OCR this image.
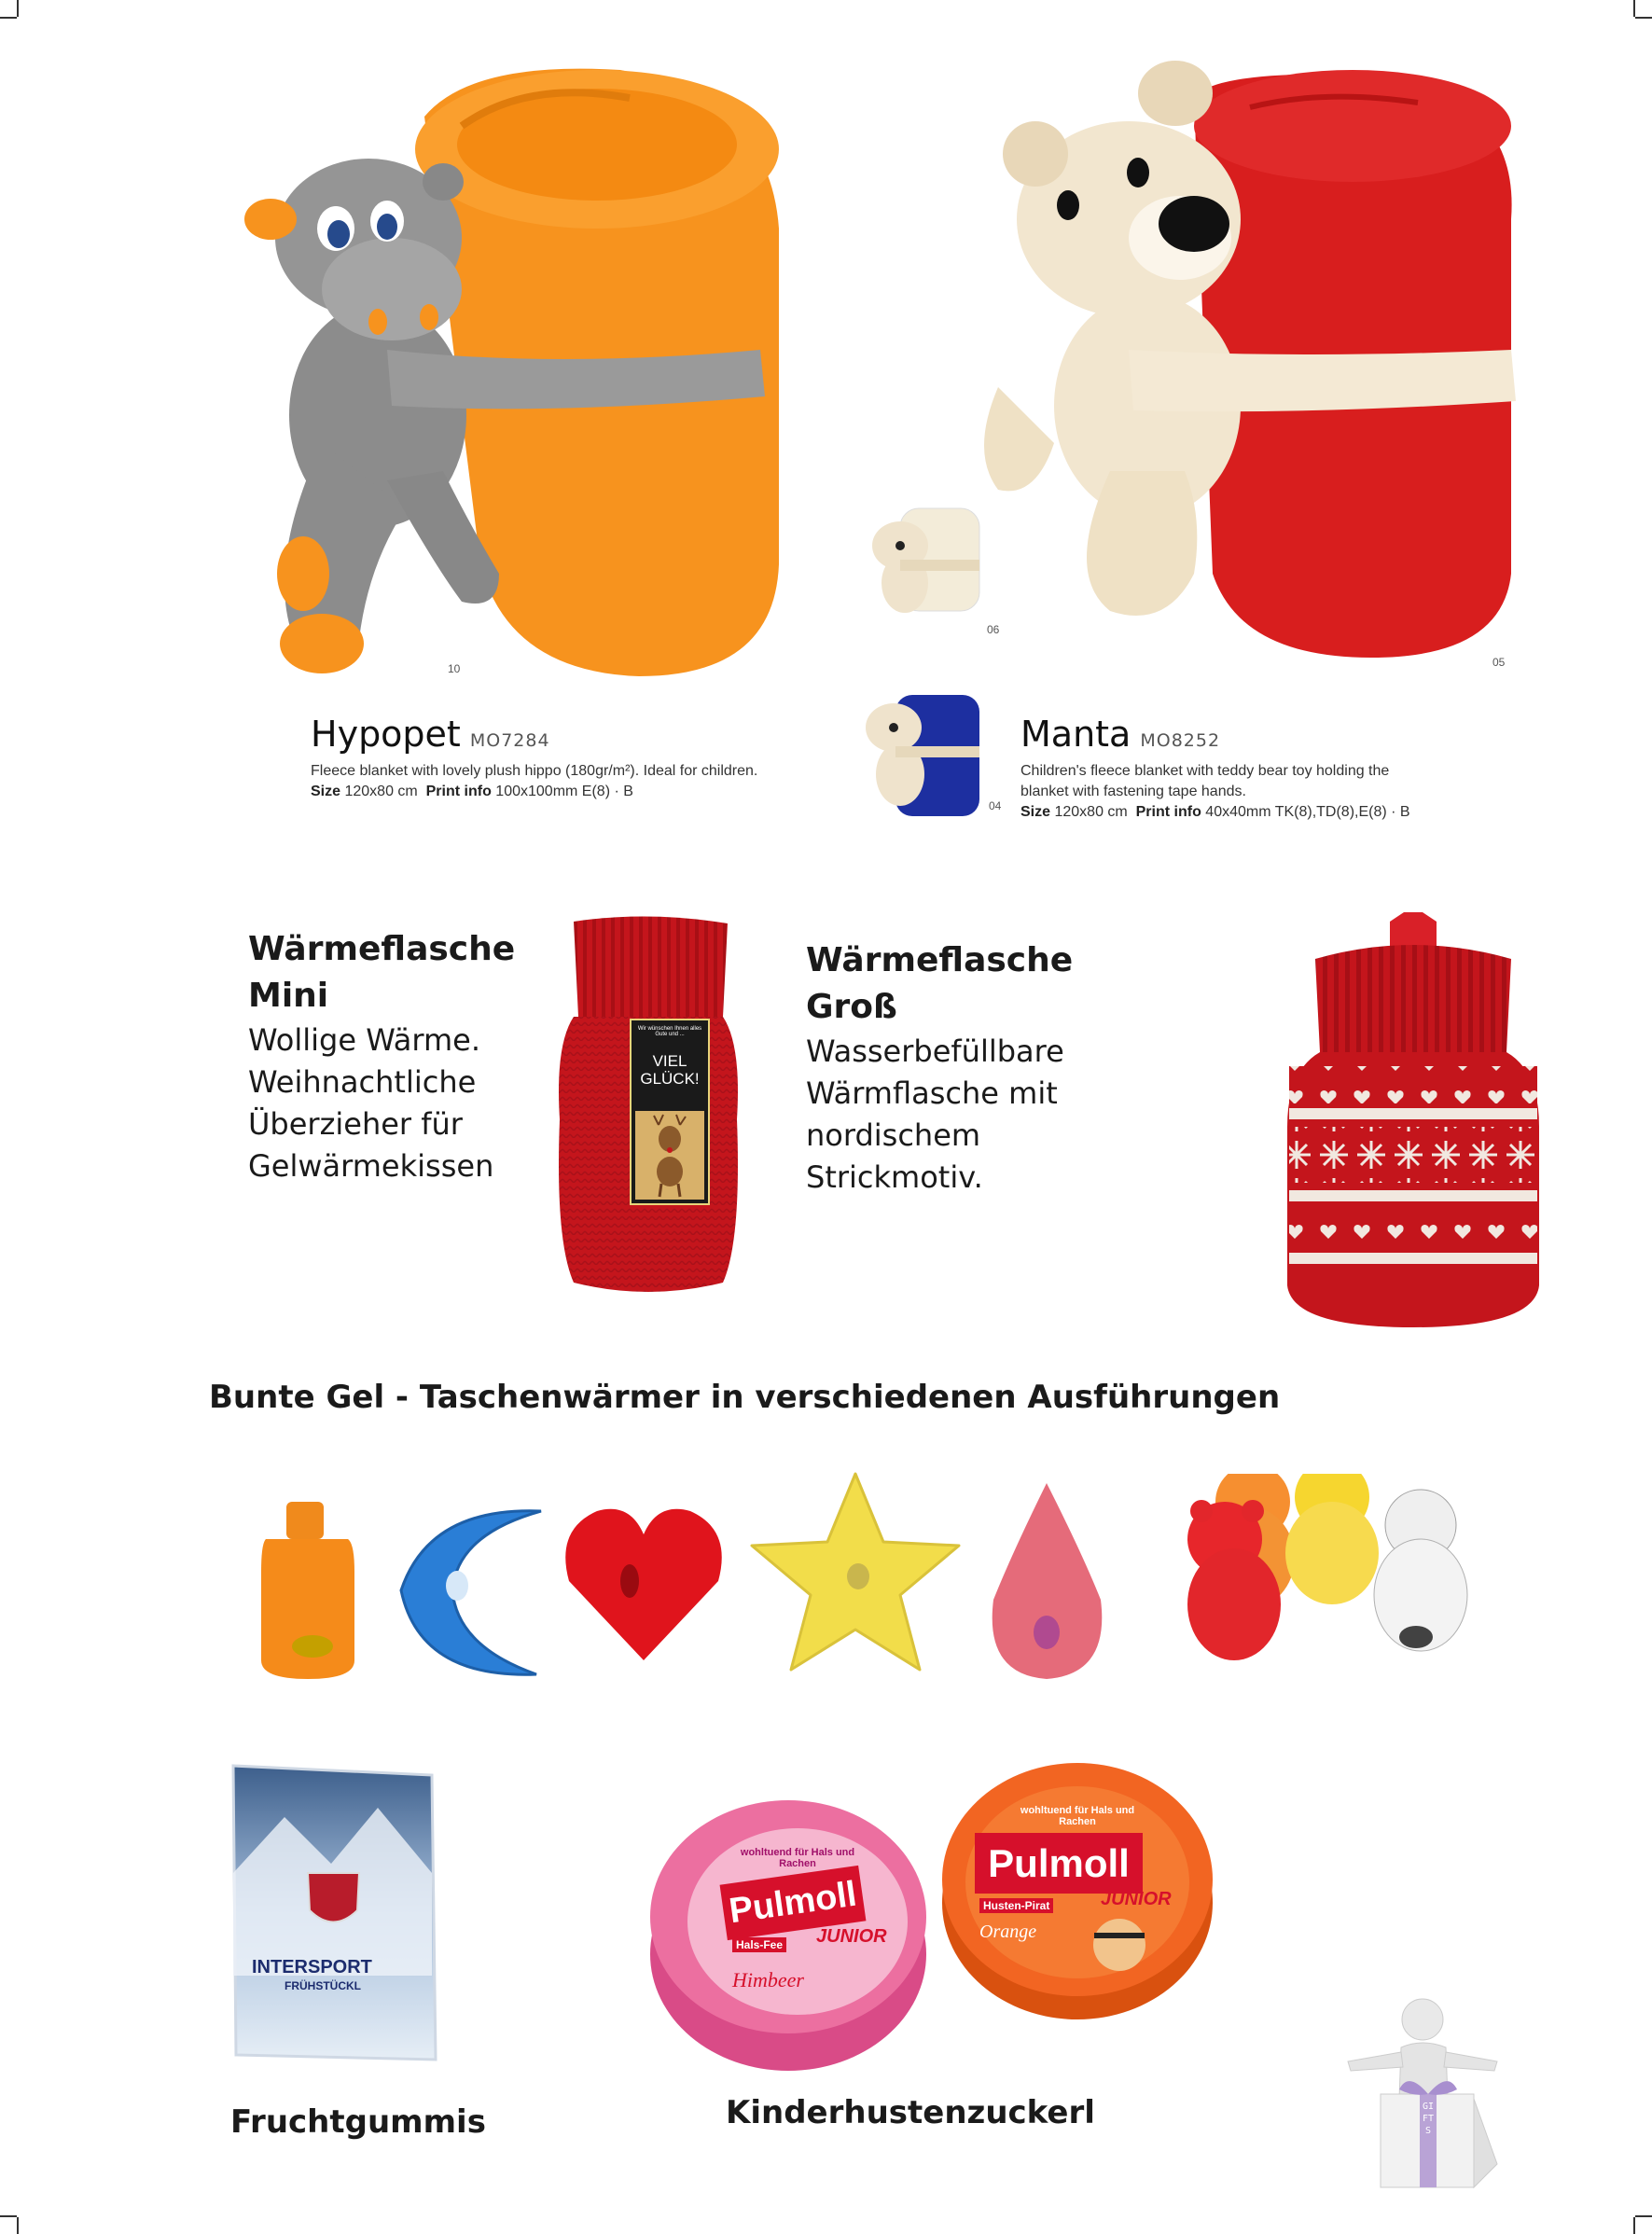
10
Hypopet MO7284
Fleece blanket with lovely plush hippo (180gr/m²). Ideal for children.
Size 120x80 cm Print info 100x100mm E(8) · B
05
06
04
Manta MO8252
Children's fleece blanket with teddy bear toy holding the
blanket with fastening tape hands.
Size 120x80 cm Print info 40x40mm TK(8),TD(8),E(8) · B
Wärmeflasche
Mini
Wollige Wärme.
Weihnachtliche
Überzieher für
Gelwärmekissen
Wir wünschen Ihnen alles Gute und ...
VIEL
GLÜCK!
Wärmeflasche
Groß
Wasserbefüllbare
Wärmflasche mit
nordischem
Strickmotiv.
Bunte Gel - Taschenwärmer in verschiedenen Ausführungen
INTERSPORT
FRÜHSTÜCKL
Fruchtgummis
wohltuend für Hals und Rachen
Pulmoll
Hals-Fee JUNIOR
Himbeer
wohltuend für Hals und Rachen
Pulmoll
Husten-Pirat	JUNIOR
Orange
Kinderhustenzuckerl	GIFTS
